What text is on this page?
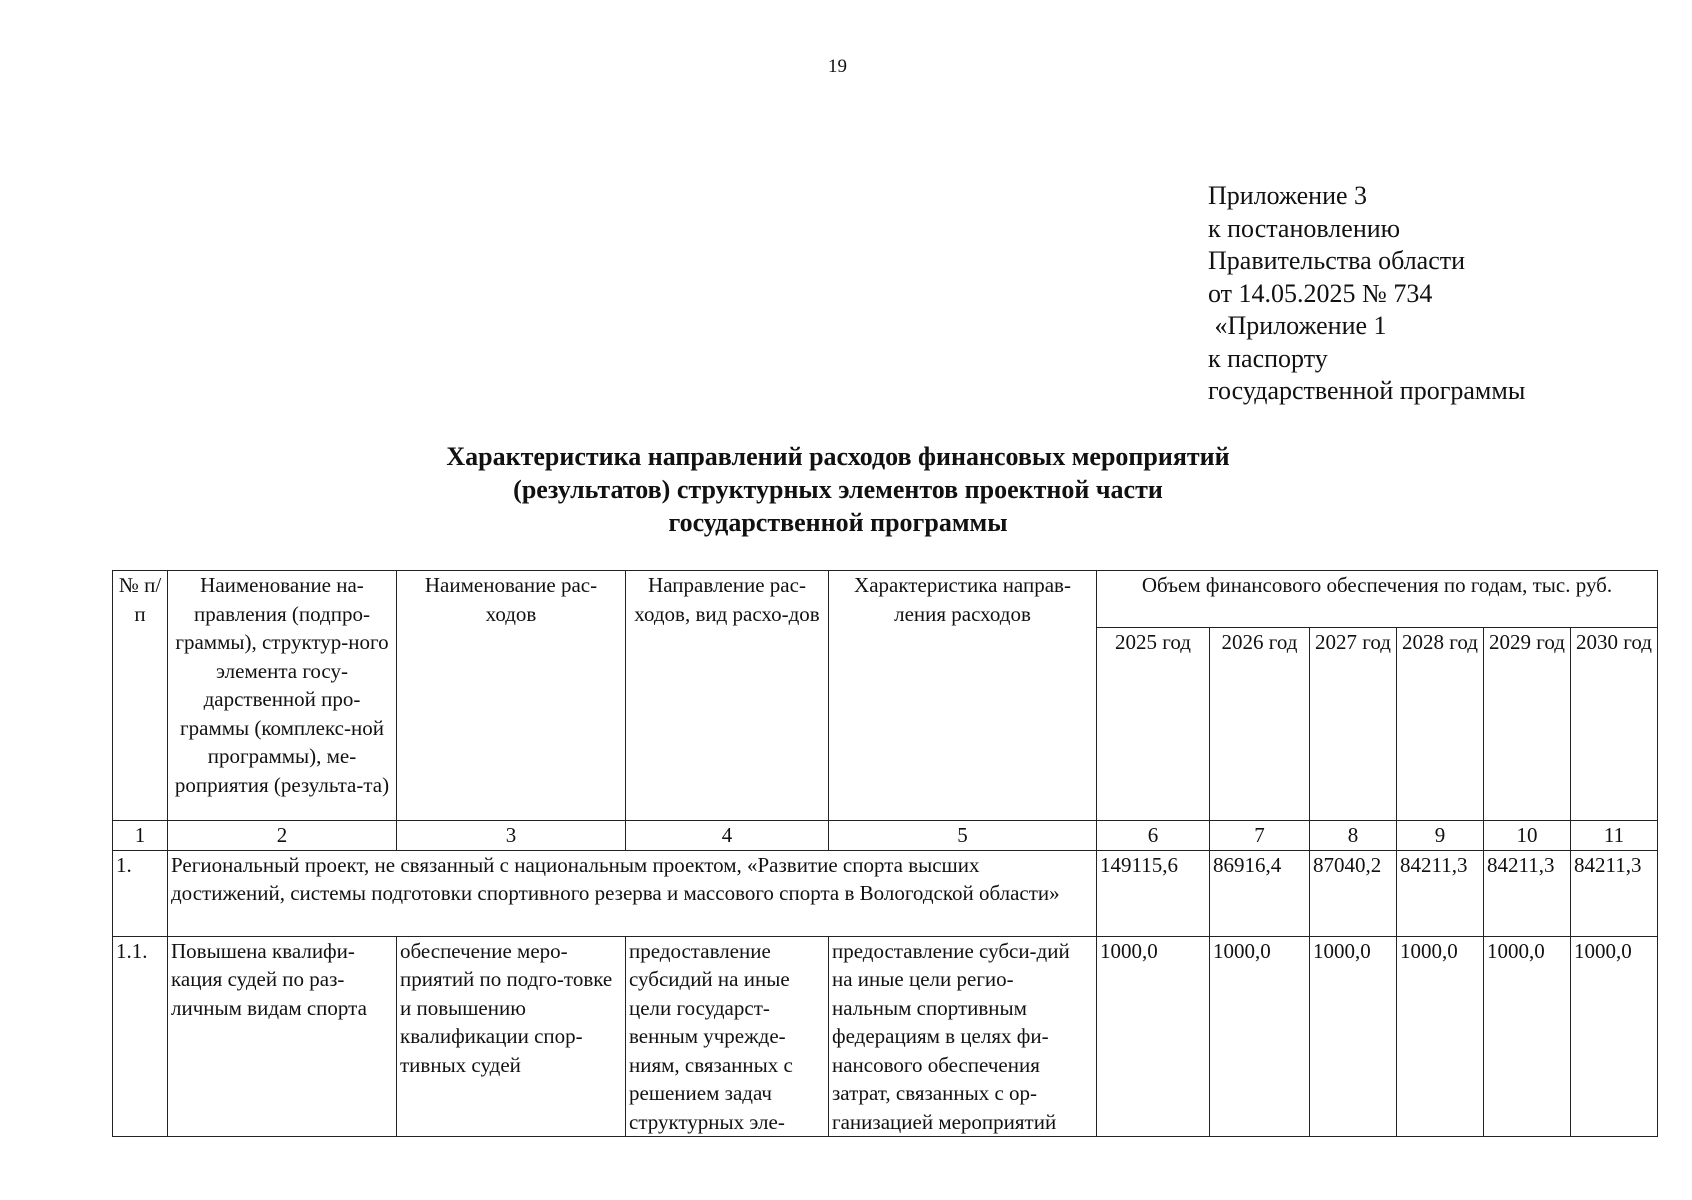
19
Приложение 3
к постановлению
Правительства области
от 14.05.2025 № 734
«Приложение 1
к паспорту
государственной программы
Характеристика направлений расходов финансовых мероприятий
(результатов) структурных элементов проектной части
государственной программы
№ п/п	Наименование на-правления (подпро-граммы), структур-ного элемента госу-дарственной про-граммы (комплекс-ной программы), ме-роприятия (результа-та)	Наименование рас-ходов	Направление рас-ходов, вид расхо-дов	Характеристика направ-ления расходов	Объем финансового обеспечения по годам, тыс. руб.					
					2025 год	2026 год	2027 год	2028 год	2029 год	2030 год
1	2	3	4	5	6	7	8	9	10	11
1.	Региональный проект, не связанный с национальным проектом, «Развитие спорта высших достижений, системы подготовки спортивного резерва и массового спорта в Вологодской области»				149115,6	86916,4	87040,2	84211,3	84211,3	84211,3
1.1.	Повышена квалифи-кация судей по раз-личным видам спорта	обеспечение меро-приятий по подго-товке и повышению квалификации спор-тивных судей	предоставление субсидий на иные цели государст-венным учрежде-ниям, связанных с решением задач структурных эле-	предоставление субси-дий на иные цели регио-нальным спортивным федерациям в целях фи-нансового обеспечения затрат, связанных с ор-ганизацией мероприятий	1000,0	1000,0	1000,0	1000,0	1000,0	1000,0
